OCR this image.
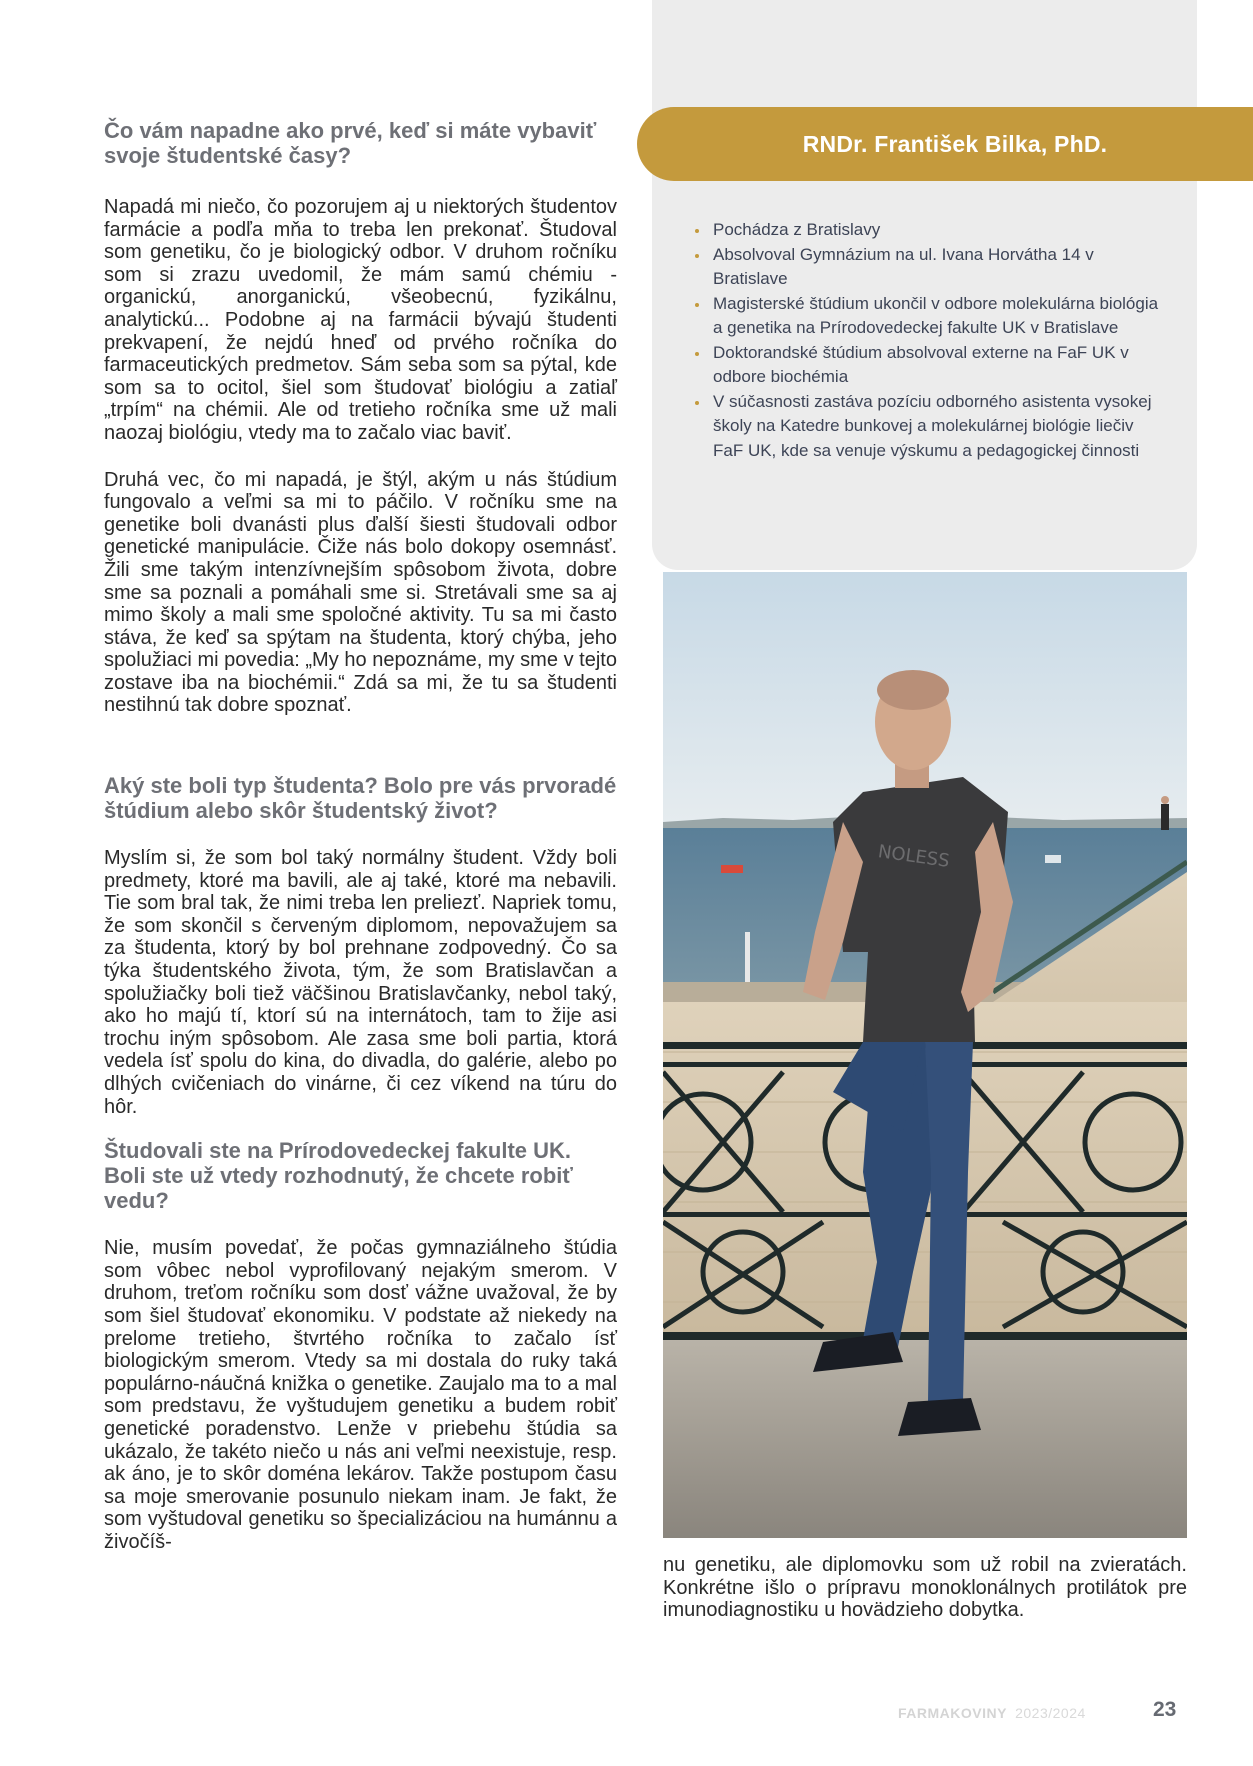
RNDr. František Bilka, PhD.
Pochádza z Bratislavy
Absolvoval Gymnázium na ul. Ivana Horvátha 14 v Bratislave
Magisterské štúdium ukončil v odbore molekulárna biológia a genetika na Prírodovedeckej fakulte UK v Bratislave
Doktorandské štúdium absolvoval externe na FaF UK v odbore biochémia
V súčasnosti zastáva pozíciu odborného asistenta vysokej školy na Katedre bunkovej a molekulárnej biológie liečiv FaF UK, kde sa venuje výskumu a pedagogickej činnosti
Čo vám napadne ako prvé, keď si máte vybaviť svoje študentské časy?

Napadá mi niečo, čo pozorujem aj u niektorých študentov farmácie a podľa mňa to treba len prekonať. Študoval som genetiku, čo je biologický odbor. V druhom ročníku som si zrazu uvedomil, že mám samú chémiu - organickú, anorganickú, všeobecnú, fyzikálnu, analytickú... Podobne aj na farmácii bývajú študenti prekvapení, že nejdú hneď od prvého ročníka do farmaceutických predmetov. Sám seba som sa pýtal, kde som sa to ocitol, šiel som študovať biológiu a zatiaľ „trpím“ na chémii. Ale od tretieho ročníka sme už mali naozaj biológiu, vtedy ma to začalo viac baviť.

Druhá vec, čo mi napadá, je štýl, akým u nás štúdium fungovalo a veľmi sa mi to páčilo. V ročníku sme na genetike boli dvanásti plus ďalší šiesti študovali odbor genetické manipulácie. Čiže nás bolo dokopy osemnásť. Žili sme takým intenzívnejším spôsobom života, dobre sme sa poznali a pomáhali sme si. Stretávali sme sa aj mimo školy a mali sme spoločné aktivity. Tu sa mi často stáva, že keď sa spýtam na študenta, ktorý chýba, jeho spolužiaci mi povedia: „My ho nepoznáme, my sme v tejto zostave iba na biochémii.“ Zdá sa mi, že tu sa študenti nestihnú tak dobre spoznať.

Aký ste boli typ študenta? Bolo pre vás prvoradé štúdium alebo skôr študentský život?

Myslím si, že som bol taký normálny študent. Vždy boli predmety, ktoré ma bavili, ale aj také, ktoré ma nebavili. Tie som bral tak, že nimi treba len preliezť. Napriek tomu, že som skončil s červeným diplomom, nepovažujem sa za študenta, ktorý by bol prehnane zodpovedný. Čo sa týka študentského života, tým, že som Bratislavčan a spolužiačky boli tiež väčšinou Bratislavčanky, nebol taký, ako ho majú tí, ktorí sú na internátoch, tam to žije asi trochu iným spôsobom. Ale zasa sme boli partia, ktorá vedela ísť spolu do kina, do divadla, do galérie, alebo po dlhých cvičeniach do vinárne, či cez víkend na túru do hôr.

Študovali ste na Prírodovedeckej fakulte UK. Boli ste už vtedy rozhodnutý, že chcete robiť vedu?

Nie, musím povedať, že počas gymnaziálneho štúdia som vôbec nebol vyprofilovaný nejakým smerom. V druhom, treťom ročníku som dosť vážne uvažoval, že by som šiel študovať ekonomiku. V podstate až niekedy na prelome tretieho, štvrtého ročníka to začalo ísť biologickým smerom. Vtedy sa mi dostala do ruky taká populárno-náučná knižka o genetike. Zaujalo ma to a mal som predstavu, že vyštudujem genetiku a budem robiť genetické poradenstvo. Lenže v priebehu štúdia sa ukázalo, že takéto niečo u nás ani veľmi neexistuje, resp. ak áno, je to skôr doména lekárov. Takže postupom času sa moje smerovanie posunulo niekam inam. Je fakt, že som vyštudoval genetiku so špecializáciou na humánnu a živočíš-

NOLESS

nu genetiku, ale diplomovku som už robil na zvieratách. Konkrétne išlo o prípravu monoklonálnych protilátok pre imunodiagnostiku u hovädzieho dobytka.

FARMAKOVINY 2023/2024	23
